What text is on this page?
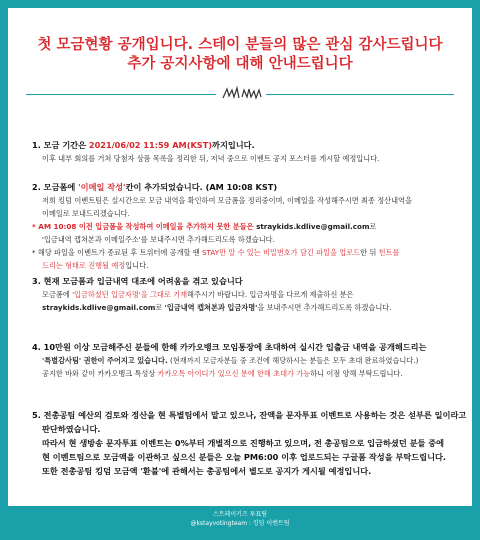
첫 모금현황 공개입니다. 스테이 분들의 많은 관심 감사드립니다
추가 공지사항에 대해 안내드립니다
1. 모금 기간은 2021/06/02 11:59 AM(KST)까지입니다.
이후 내부 회의를 거쳐 당첨자 상품 목록을 정리한 뒤, 저녁 중으로 이벤트 공지 포스터를 게시할 예정입니다.
2. 모금폼에 '이메일 작성'칸이 추가되었습니다. (AM 10:08 KST)
저희 킹덤 이벤트팀은 실시간으로 모금 내역을 확인하여 모금폼을 정리중이며, 이메일을 작성해주시면 최종 정산내역을
이메일로 보내드리겠습니다.
* AM 10:08 이전 입금폼을 작성하여 이메일을 추가하지 못한 분들은 straykids.kdlive@gmail.com로
'입금내역 캡쳐본과 이메일주소'를 보내주시면 추가해드리도록 하겠습니다.
* 해당 파일을 이벤트가 종료된 후 트위터에 공개할 땐 STAY만 알 수 있는 비밀번호가 담긴 파일을 업로드한 뒤 힌트를
드리는 형태로 진행될 예정입니다.
3. 현재 모금폼과 입금내역 대조에 어려움을 겪고 있습니다
모금폼에 '입금하셨던 입금자명'을 그대로 기재해주시기 바랍니다. 입금자명을 다르게 제출하신 분은
straykids.kdlive@gmail.com로 '입금내역 캡쳐본과 입금자명'을 보내주시면 추가해드리도록 하겠습니다.
4. 10만원 이상 모금해주신 분들에 한해 카카오뱅크 모임통장에 초대하여 실시간 입출금 내역을 공개해드리는
'특별감사팀' 권한이 주어지고 있습니다. (현재까지 모금자분들 중 조건에 해당하시는 분들은 모두 초대 완료하였습니다.)
공지한 바와 같이 카카오뱅크 특성상 카카오톡 아이디가 있으신 분에 한해 초대가 가능하니 이점 양해 부탁드립니다.
5. 전총공팀 예산의 검토와 정산을 현 특별팀에서 맡고 있으나, 잔액을 문자투표 이벤트로 사용하는 것은 섣부른 일이라고
판단하였습니다.
따라서 현 생방송 문자투표 이벤트는 0%부터 개별적으로 진행하고 있으며, 전 총공팀으로 입금하셨던 분들 중에
현 이벤트팀으로 모금액을 이관하고 싶으신 분들은 오늘 PM6:00 이후 업로드되는 구글폼 작성을 부탁드립니다.
또한 전총공팀 킹덤 모금액 '환불'에 관해서는 총공팀에서 별도로 공지가 게시될 예정입니다.
스트레이키즈 투표팀
@kstayvotingteam : 킹덤 이벤트팀
